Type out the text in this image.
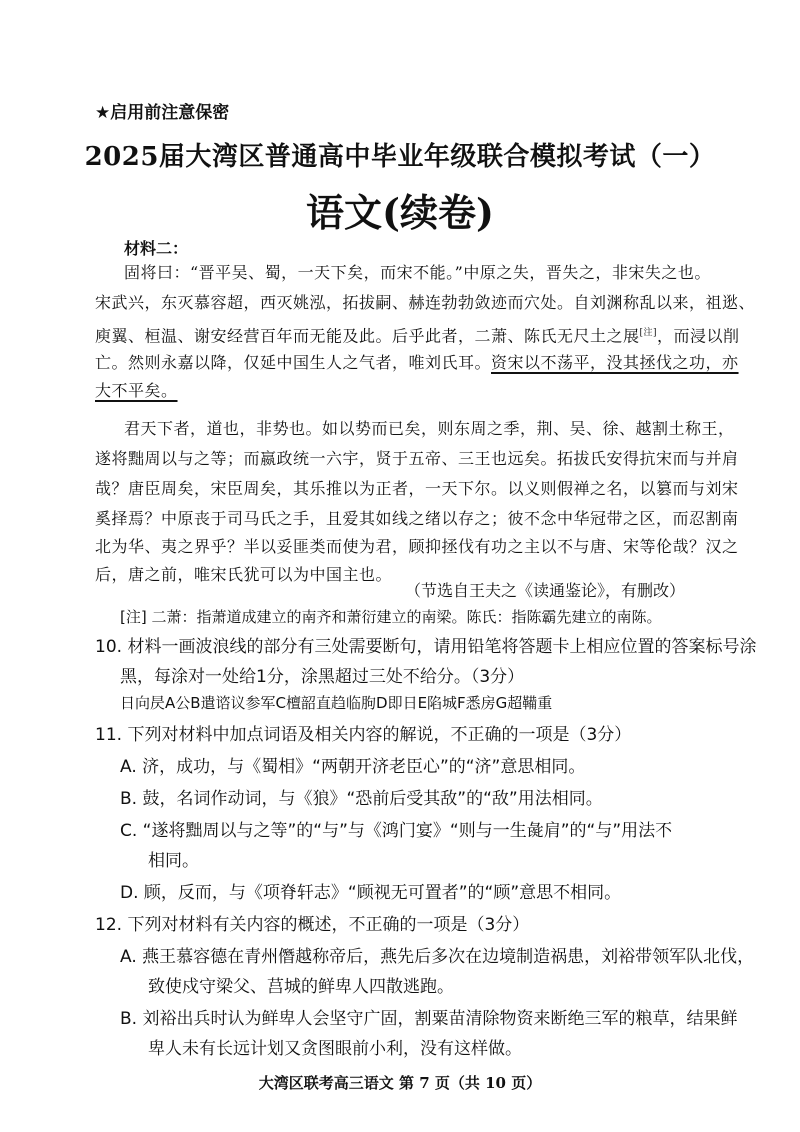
★启用前注意保密
2025届大湾区普通高中毕业年级联合模拟考试（一）
语文(续卷)
材料二：
固将曰：“晋平吴、蜀，一天下矣，而宋不能。”中原之失，晋失之，非宋失之也。
宋武兴，东灭慕容超，西灭姚泓，拓拔嗣、赫连勃勃敛迹而穴处。自刘渊称乱以来，祖逖、
庾翼、桓温、谢安经营百年而无能及此。后乎此者，二萧、陈氏无尺土之展[注]，而浸以削
亡。然则永嘉以降，仅延中国生人之气者，唯刘氏耳。资宋以不荡平，没其拯伐之功，亦
大不平矣。
君天下者，道也，非势也。如以势而已矣，则东周之季，荆、吴、徐、越割土称王，
遂将黜周以与之等；而嬴政统一六宇，贤于五帝、三王也远矣。拓拔氏安得抗宋而与并肩
哉？唐臣周矣，宋臣周矣，其乐推以为正者，一天下尔。以义则假禅之名，以篡而与刘宋
奚择焉？中原丧于司马氏之手，且爱其如线之绪以存之；彼不念中华冠带之区，而忍割南
北为华、夷之界乎？半以妥匪类而使为君，顾抑拯伐有功之主以不与唐、宋等伦哉？汉之
后，唐之前，唯宋氏犹可以为中国主也。
（节选自王夫之《读通鉴论》，有删改）
[注] 二萧：指萧道成建立的南齐和萧衍建立的南梁。陈氏：指陈霸先建立的南陈。
10. 材料一画波浪线的部分有三处需要断句，请用铅笔将答题卡上相应位置的答案标号涂
黑，每涂对一处给1分，涂黑超过三处不给分。（3分）
日向昃A公B遣谘议参军C檀韶直趋临朐D即日E陷城F悉房G超鞴重
11. 下列对材料中加点词语及相关内容的解说，不正确的一项是（3分）
A. 济，成功，与《蜀相》“两朝开济老臣心”的“济”意思相同。
B. 鼓，名词作动词，与《狼》“恐前后受其敌”的“敌”用法相同。
C. “遂将黜周以与之等”的“与”与《鸿门宴》“则与一生彘肩”的“与”用法不
相同。
D. 顾，反而，与《项脊轩志》“顾视无可置者”的“顾”意思不相同。
12. 下列对材料有关内容的概述，不正确的一项是（3分）
A. 燕王慕容德在青州僭越称帝后，燕先后多次在边境制造祸患，刘裕带领军队北伐，
致使戍守梁父、莒城的鲜卑人四散逃跑。
B. 刘裕出兵时认为鲜卑人会坚守广固，割粟苗清除物资来断绝三军的粮草，结果鲜
卑人未有长远计划又贪图眼前小利，没有这样做。
大湾区联考高三语文 第 7 页（共 10 页）
